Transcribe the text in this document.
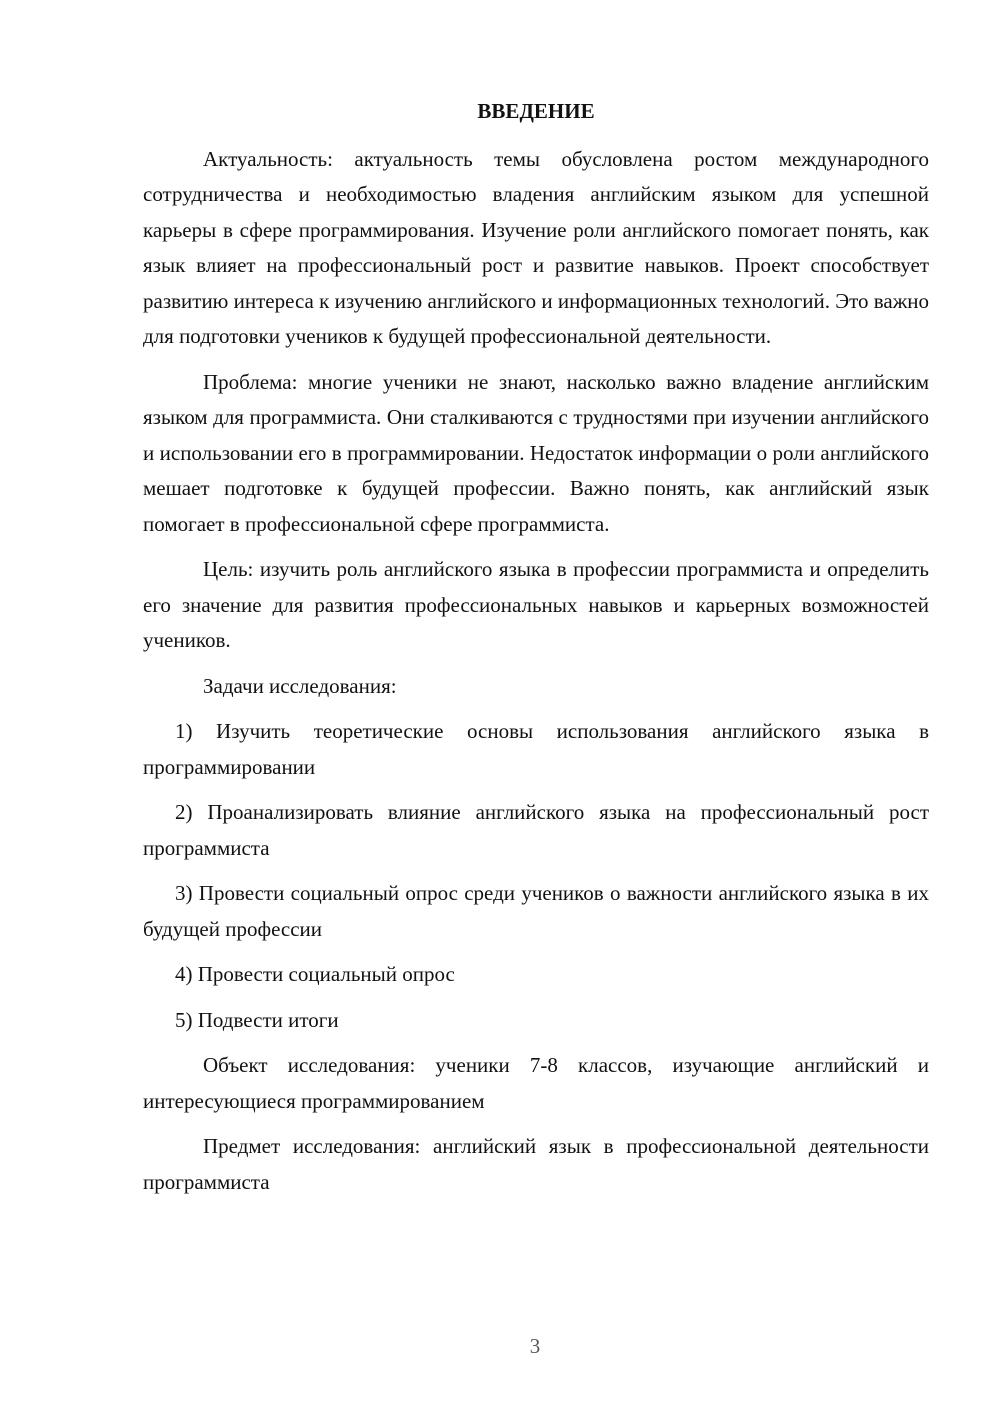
ВВЕДЕНИЕ

Актуальность: актуальность темы обусловлена ростом международного сотрудничества и необходимостью владения английским языком для успешной карьеры в сфере программирования. Изучение роли английского помогает понять, как язык влияет на профессиональный рост и развитие навыков. Проект способствует развитию интереса к изучению английского и информационных технологий. Это важно для подготовки учеников к будущей профессиональной деятельности.

Проблема: многие ученики не знают, насколько важно владение английским языком для программиста. Они сталкиваются с трудностями при изучении английского и использовании его в программировании. Недостаток информации о роли английского мешает подготовке к будущей профессии. Важно понять, как английский язык помогает в профессиональной сфере программиста.

Цель: изучить роль английского языка в профессии программиста и определить его значение для развития профессиональных навыков и карьерных возможностей учеников.

Задачи исследования:

1) Изучить теоретические основы использования английского языка в программировании

2) Проанализировать влияние английского языка на профессиональный рост программиста

3) Провести социальный опрос среди учеников о важности английского языка в их будущей профессии

4) Провести социальный опрос

5) Подвести итоги

Объект исследования: ученики 7-8 классов, изучающие английский и интересующиеся программированием

Предмет исследования: английский язык в профессиональной деятельности программиста

3
